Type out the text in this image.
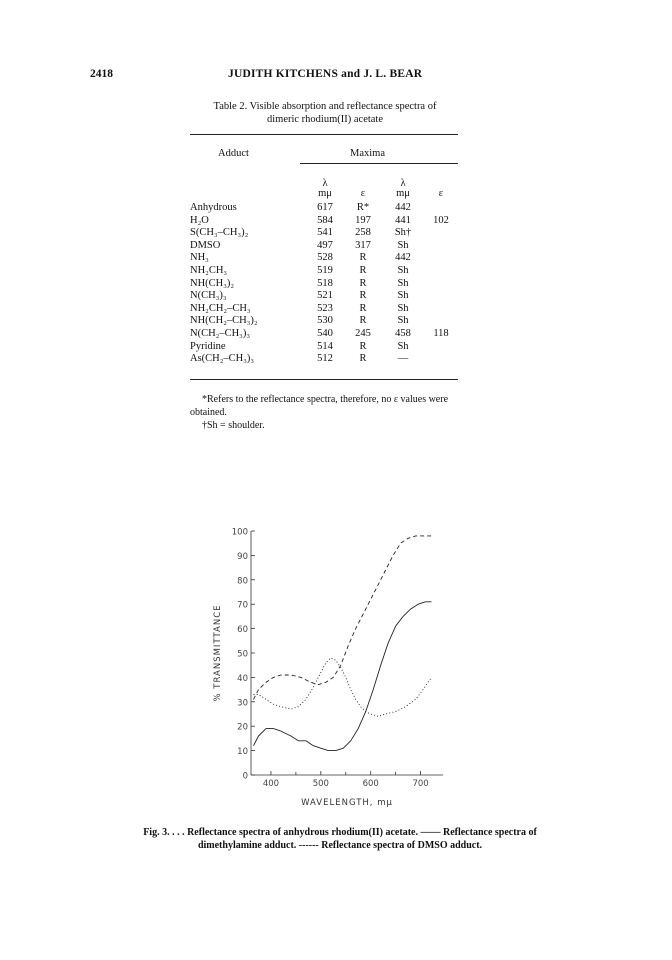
2418	JUDITH KITCHENS and J. L. BEAR
Table 2. Visible absorption and reflectance spectra of
dimeric rhodium(II) acetate
Adduct	Maxima
λ	λ
mμ	ε	mμ	ε
Anhydrous	617	R*	442
H₂O	584	197	441	102
S(CH₃–CH₃)₂	541	258	Sh†
DMSO	497	317	Sh
NH₃	528	R	442
NH₂CH₃	519	R	Sh
NH(CH₃)₂	518	R	Sh
N(CH₃)₃	521	R	Sh
NH₂CH₂–CH₃	523	R	Sh
NH(CH₂–CH₃)₂	530	R	Sh
N(CH₂–CH₃)₃	540	245	458	118
Pyridine	514	R	Sh
As(CH₂–CH₃)₃	512	R	—

*Refers to the reflectance spectra, therefore, no ε values were obtained.

†Sh = shoulder.

0
10
20
30
40
50
60
70
80
90
100
400	500	600	700
WAVELENGTH, mμ
% TRANSMITTANCE
Fig. 3. . . . Reflectance spectra of anhydrous rhodium(II) acetate. —— Reflectance spectra of dimethylamine adduct. ------ Reflectance spectra of DMSO adduct.
